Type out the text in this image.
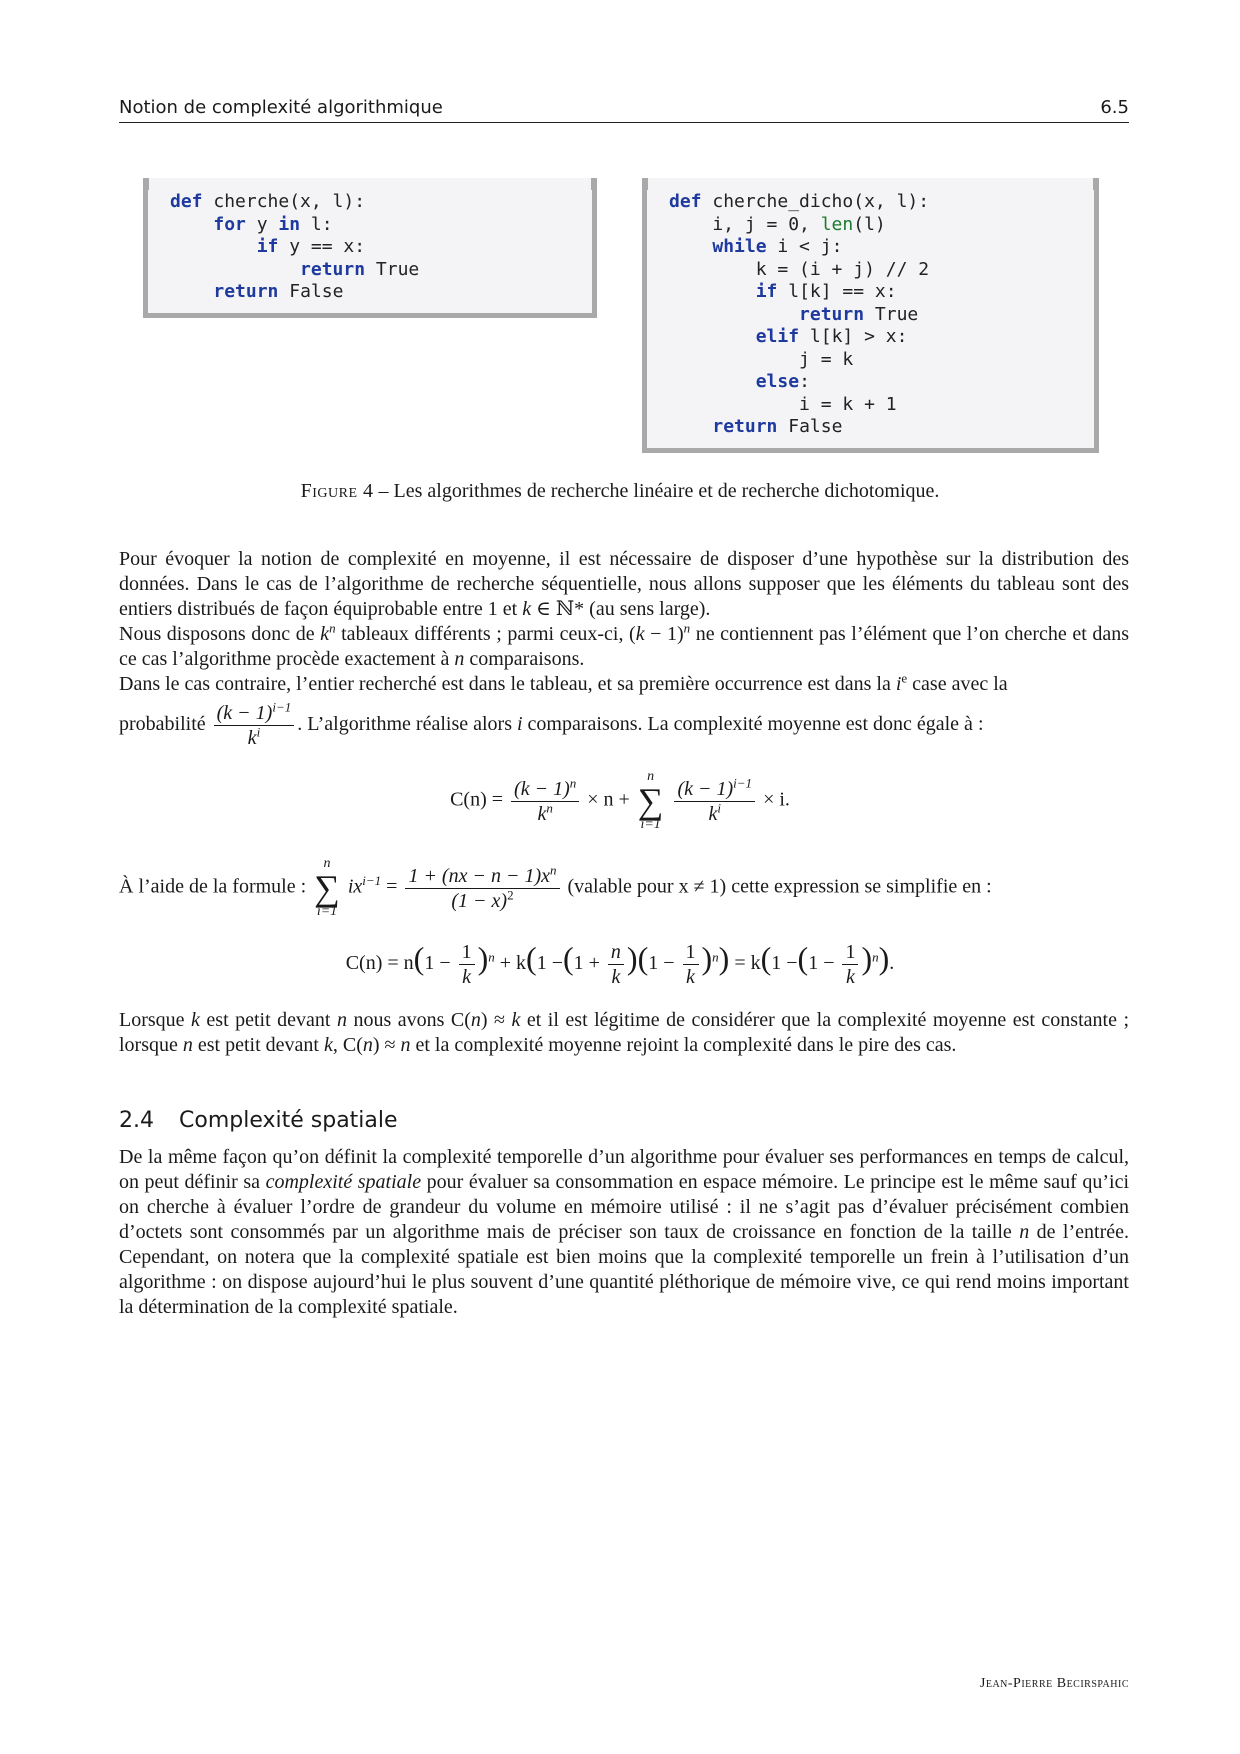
Notion de complexité algorithmique	6.5
def cherche(x, l):
for y in l:
if y == x:
return True
return False
def cherche_dicho(x, l):
i, j = 0, len(l)
while i < j:
k = (i + j) // 2
if l[k] == x:
return True
elif l[k] > x:
j = k
else:
i = k + 1
return False
Figure 4 – Les algorithmes de recherche linéaire et de recherche dichotomique.

Pour évoquer la notion de complexité en moyenne, il est nécessaire de disposer d’une hypothèse sur la distribution des données. Dans le cas de l’algorithme de recherche séquentielle, nous allons supposer que les éléments du tableau sont des entiers distribués de façon équiprobable entre 1 et k ∈ ℕ* (au sens large).

Nous disposons donc de $k^n$ tableaux différents ; parmi ceux-ci, $(k - 1)^n$ ne contiennent pas l’élément que l’on cherche et dans ce cas l’algorithme procède exactement à n comparaisons.

Dans le cas contraire, l’entier recherché est dans le tableau, et sa première occurrence est dans la $i^e$ case avec la

probabilité $\frac{(k - 1)^{i-1}}{k^i}$ . L’algorithme réalise alors i comparaisons. La complexité moyenne est donc égale à :

$C(n) = \frac{(k - 1)^n}{k^n} \times n$ +
n
∑
i=1
$\frac{(k - 1)^{i-1}}{k^i} \times i$.
À l’aide de la formule :
n
∑
i=1
$ix^{i-1} = \frac{1 + (nx - n - 1)x^n}{(1 - x)^2}$ (valable pour x ≠ 1) cette expression se simplifie en :
$C(n) = n(1 - \frac{1}{k} )^n + k(1 -(1 + \frac{n}{k} )(1 - \frac{1}{k} )^n) = k(1 -(1 - \frac{1}{k} )^n)$.

Lorsque k est petit devant n nous avons C(n) ≈ k et il est légitime de considérer que la complexité moyenne est constante ; lorsque n est petit devant k, C(n) ≈ n et la complexité moyenne rejoint la complexité dans le pire des cas.

2.4 Complexité spatiale

De la même façon qu’on définit la complexité temporelle d’un algorithme pour évaluer ses performances en temps de calcul, on peut définir sa complexité spatiale pour évaluer sa consommation en espace mémoire. Le principe est le même sauf qu’ici on cherche à évaluer l’ordre de grandeur du volume en mémoire utilisé : il ne s’agit pas d’évaluer précisément combien d’octets sont consommés par un algorithme mais de préciser son taux de croissance en fonction de la taille n de l’entrée. Cependant, on notera que la complexité spatiale est bien moins que la complexité temporelle un frein à l’utilisation d’un algorithme : on dispose aujourd’hui le plus souvent d’une quantité pléthorique de mémoire vive, ce qui rend moins important la détermination de la complexité spatiale.

Jean-Pierre Becirspahic
